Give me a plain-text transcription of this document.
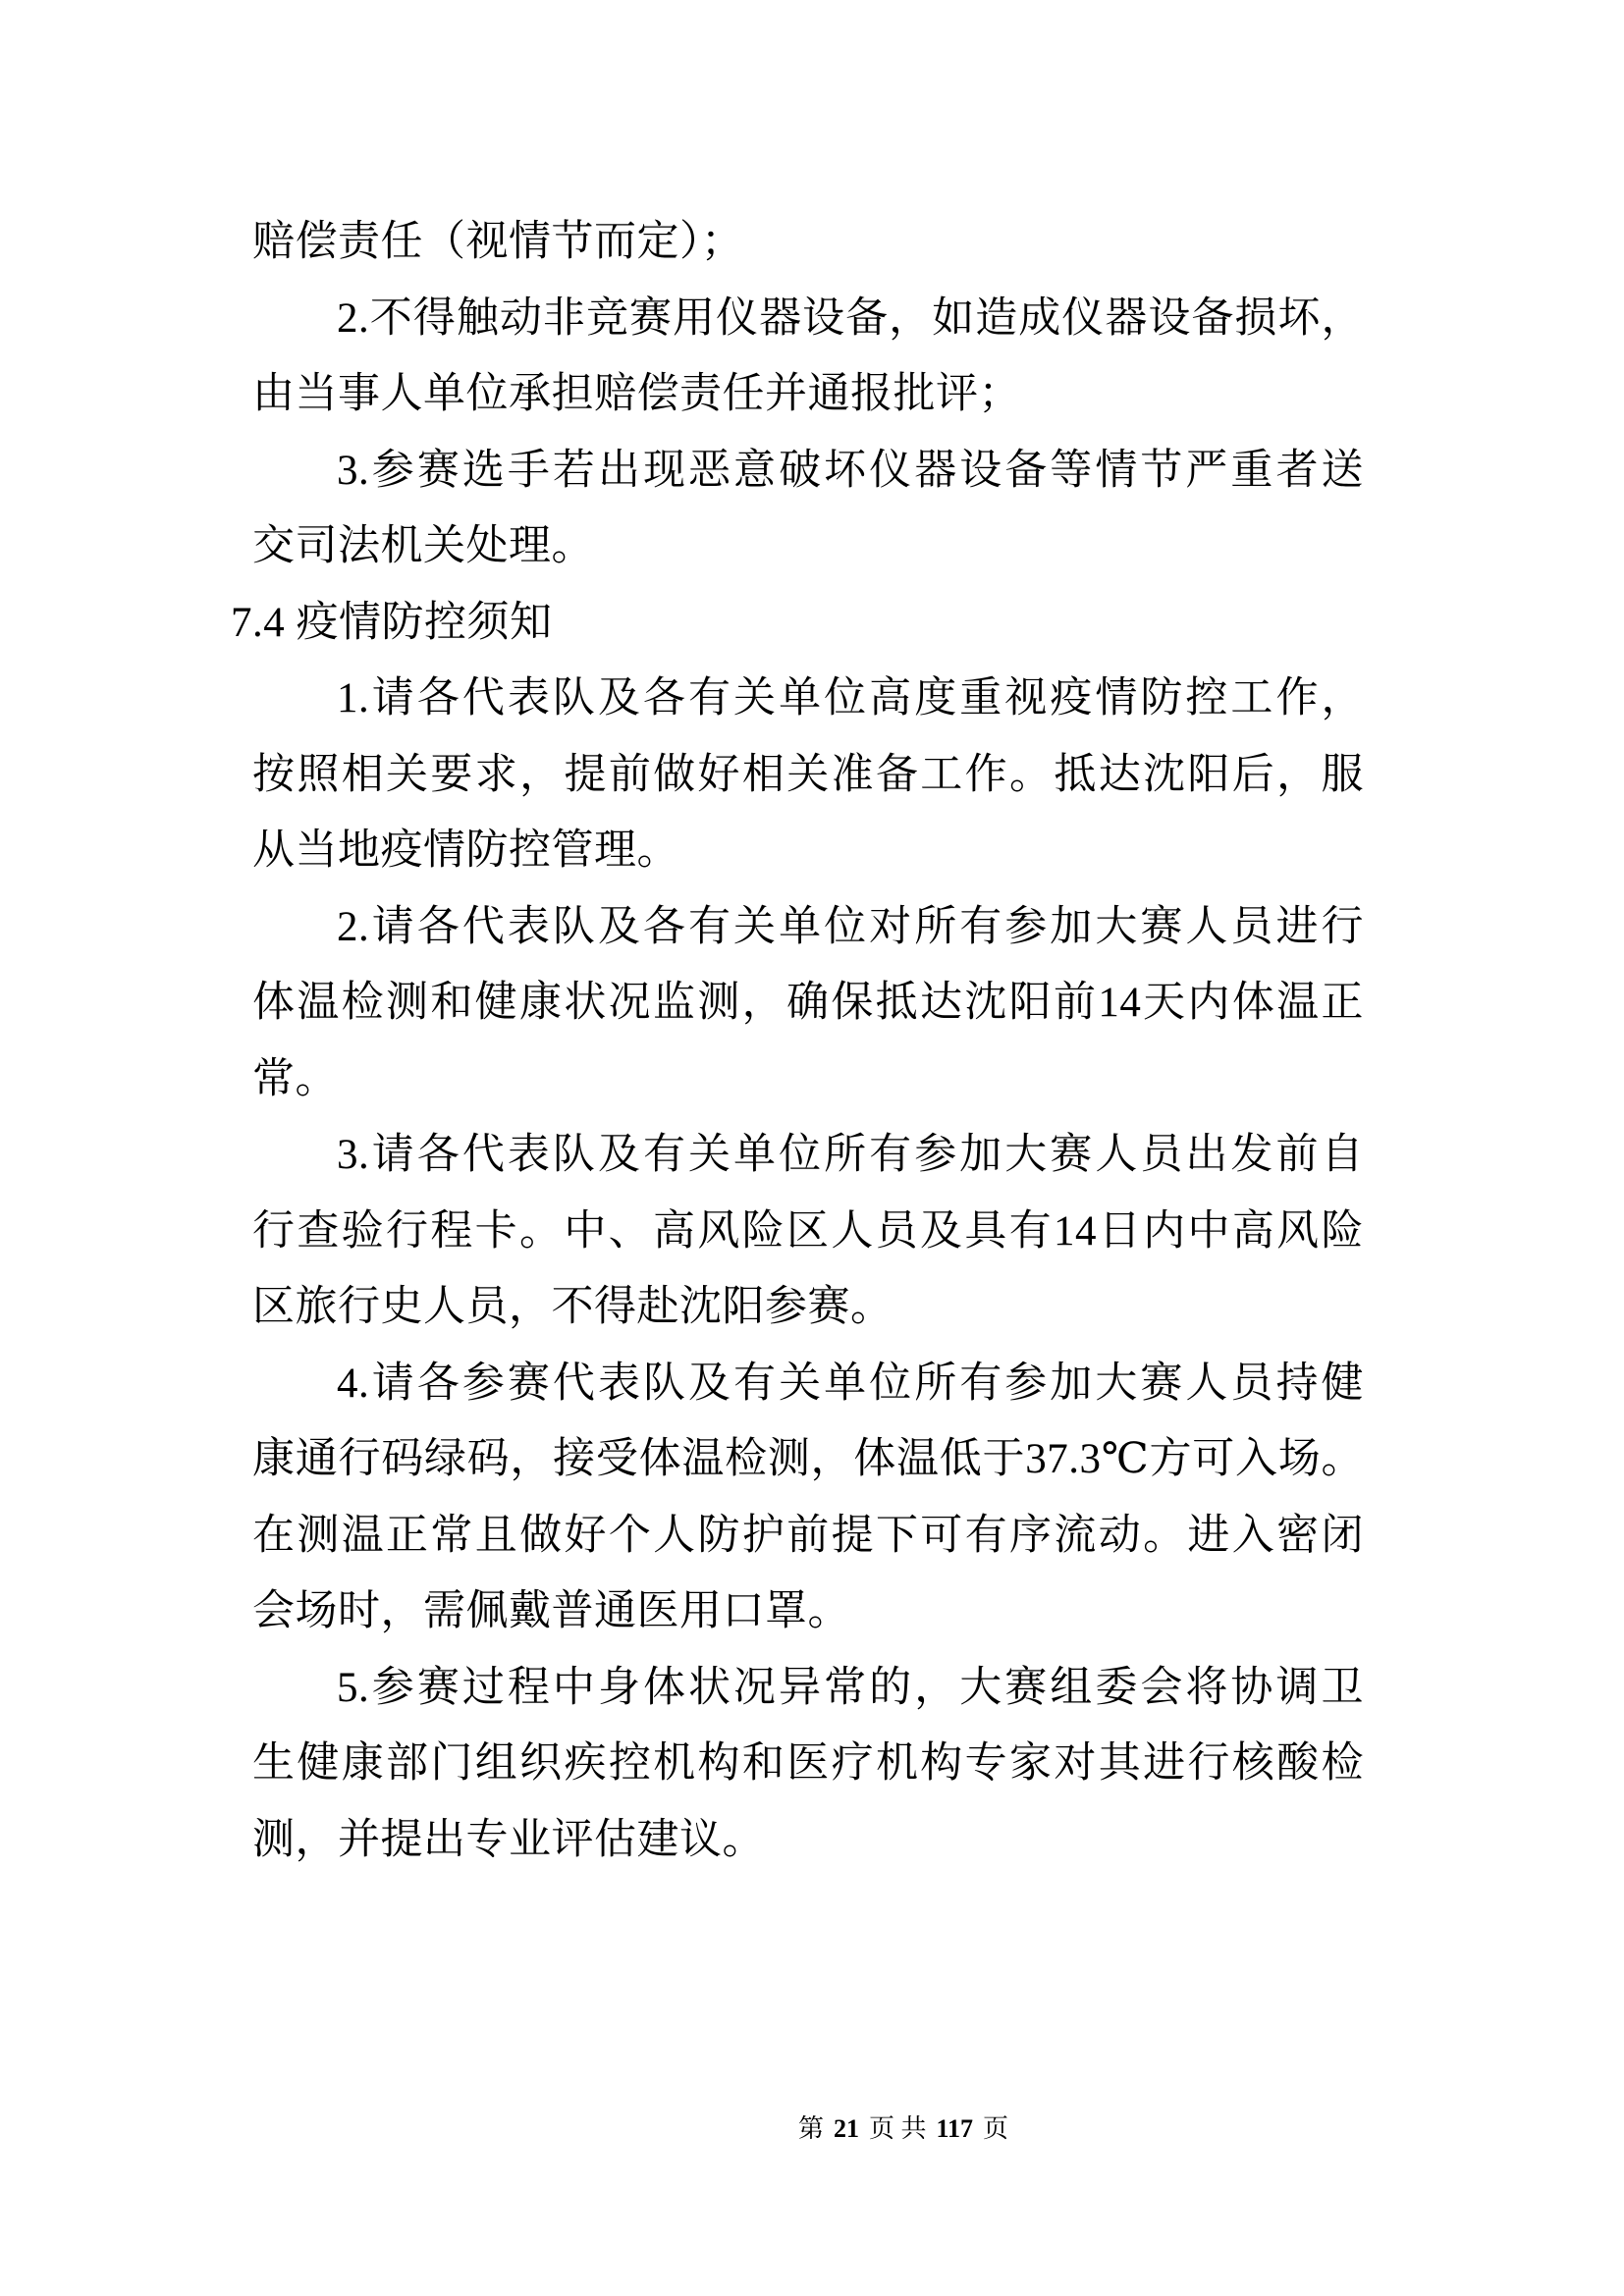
赔偿责任（视情节而定）；
2.不得触动非竞赛用仪器设备，如造成仪器设备损坏，
由当事人单位承担赔偿责任并通报批评；
3.参赛选手若出现恶意破坏仪器设备等情节严重者送
交司法机关处理。
7.4 疫情防控须知
1.请各代表队及各有关单位高度重视疫情防控工作，
按照相关要求，提前做好相关准备工作。抵达沈阳后，服
从当地疫情防控管理。
2.请各代表队及各有关单位对所有参加大赛人员进行
体温检测和健康状况监测，确保抵达沈阳前14天内体温正
常。
3.请各代表队及有关单位所有参加大赛人员出发前自
行查验行程卡。中、高风险区人员及具有14日内中高风险
区旅行史人员，不得赴沈阳参赛。
4.请各参赛代表队及有关单位所有参加大赛人员持健
康通行码绿码，接受体温检测，体温低于37.3℃方可入场。
在测温正常且做好个人防护前提下可有序流动。进入密闭
会场时，需佩戴普通医用口罩。
5.参赛过程中身体状况异常的，大赛组委会将协调卫
生健康部门组织疾控机构和医疗机构专家对其进行核酸检
测，并提出专业评估建议。
第 21 页 共 117 页
